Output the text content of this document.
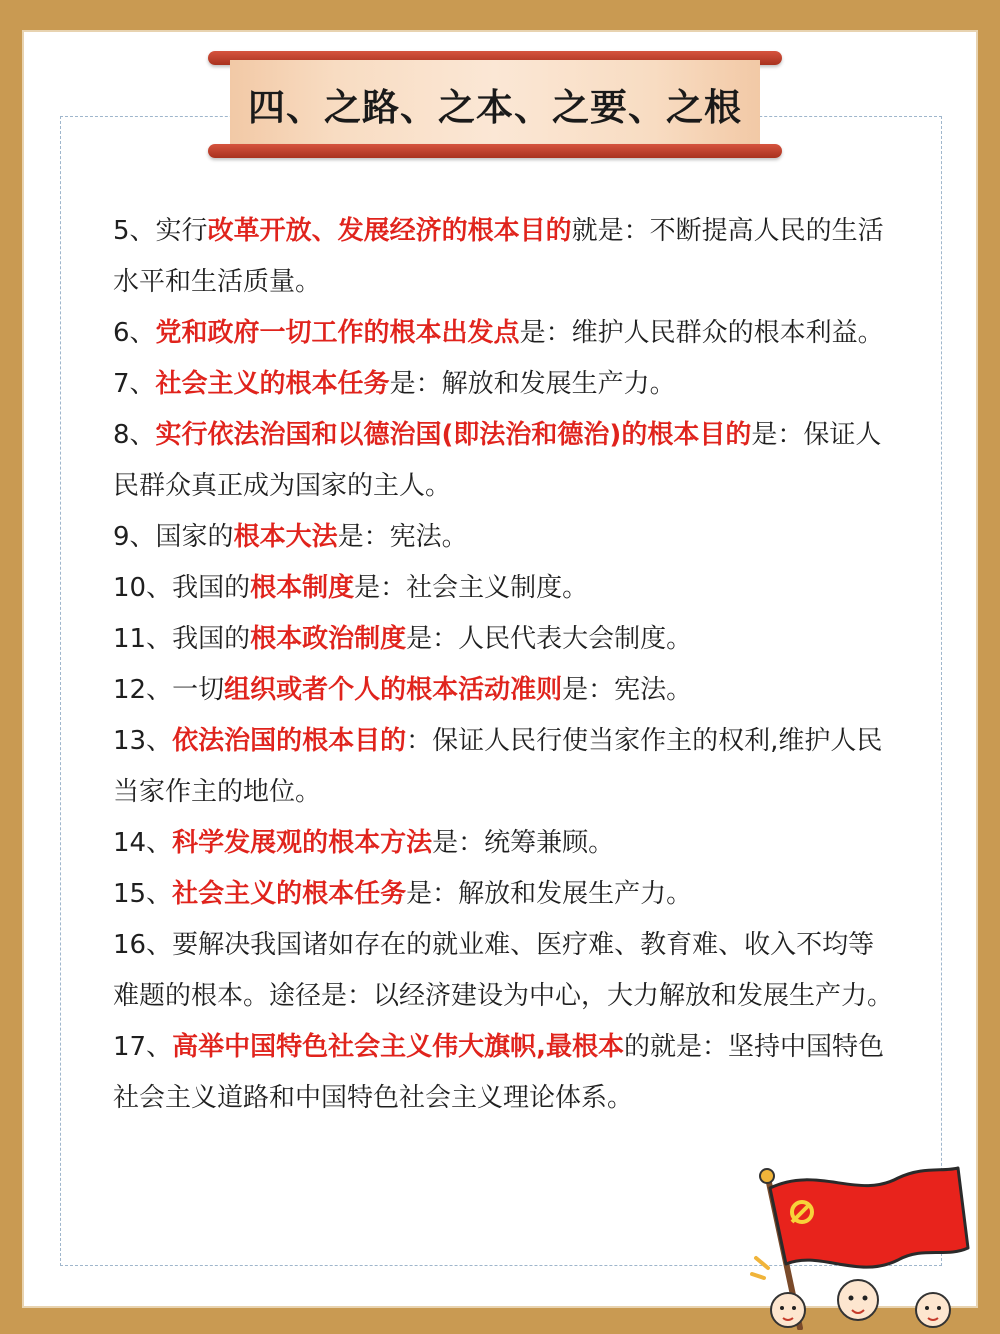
四、之路、之本、之要、之根

5、实行改革开放、发展经济的根本目的就是：不断提高人民的生活水平和生活质量。

6、党和政府一切工作的根本出发点是：维护人民群众的根本利益。

7、社会主义的根本任务是：解放和发展生产力。

8、实行依法治国和以德治国(即法治和德治)的根本目的是：保证人民群众真正成为国家的主人。

9、国家的根本大法是：宪法。

10、我国的根本制度是：社会主义制度。

11、我国的根本政治制度是：人民代表大会制度。

12、一切组织或者个人的根本活动准则是：宪法。

13、依法治国的根本目的：保证人民行使当家作主的权利,维护人民当家作主的地位。

14、科学发展观的根本方法是：统筹兼顾。

15、社会主义的根本任务是：解放和发展生产力。

16、要解决我国诸如存在的就业难、医疗难、教育难、收入不均等难题的根本。途径是：以经济建设为中心，大力解放和发展生产力。

17、高举中国特色社会主义伟大旗帜,最根本的就是：坚持中国特色社会主义道路和中国特色社会主义理论体系。
